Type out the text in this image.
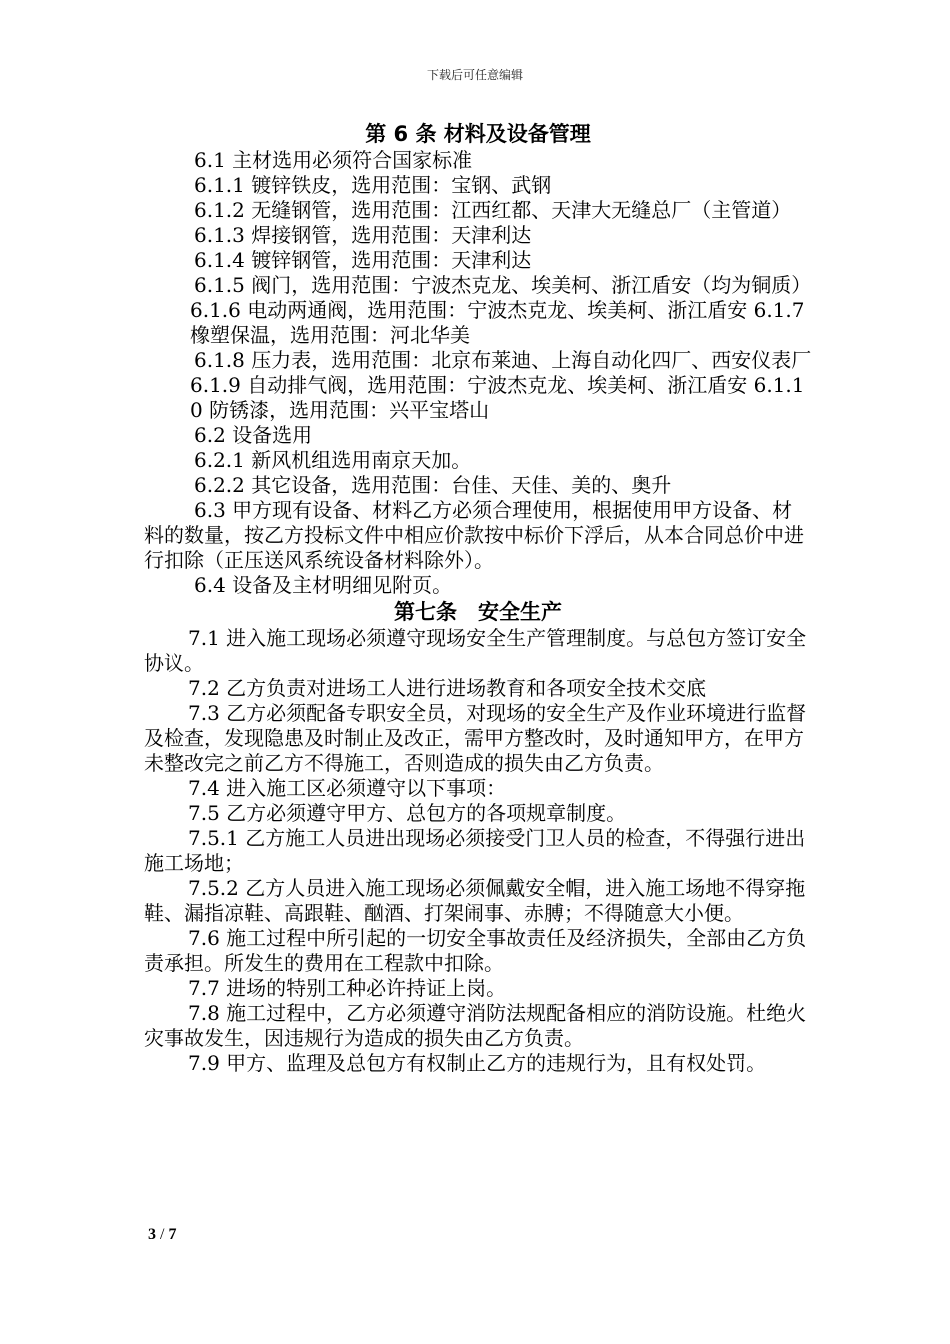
下载后可任意编辑
第 6 条 材料及设备管理
6.1 主材选用必须符合国家标准
6.1.1 镀锌铁皮，选用范围：宝钢、武钢
6.1.2 无缝钢管，选用范围：江西红都、天津大无缝总厂（主管道）
6.1.3 焊接钢管，选用范围：天津利达
6.1.4 镀锌钢管，选用范围：天津利达
6.1.5 阀门，选用范围：宁波杰克龙、埃美柯、浙江盾安（均为铜质）
6.1.6 电动两通阀，选用范围：宁波杰克龙、埃美柯、浙江盾安 6.1.7 橡塑保温，选用范围：河北华美
6.1.8 压力表，选用范围：北京布莱迪、上海自动化四厂、西安仪表厂
6.1.9 自动排气阀，选用范围：宁波杰克龙、埃美柯、浙江盾安 6.1.10 防锈漆，选用范围：兴平宝塔山
6.2 设备选用
6.2.1 新风机组选用南京天加。
6.2.2 其它设备，选用范围：台佳、天佳、美的、奥升
6.3 甲方现有设备、材料乙方必须合理使用，根据使用甲方设备、材料的数量，按乙方投标文件中相应价款按中标价下浮后，从本合同总价中进行扣除（正压送风系统设备材料除外）。
6.4 设备及主材明细见附页。
第七条　安全生产
7.1 进入施工现场必须遵守现场安全生产管理制度。与总包方签订安全协议。
7.2 乙方负责对进场工人进行进场教育和各项安全技术交底
7.3 乙方必须配备专职安全员，对现场的安全生产及作业环境进行监督及检查，发现隐患及时制止及改正，需甲方整改时，及时通知甲方，在甲方未整改完之前乙方不得施工，否则造成的损失由乙方负责。
7.4 进入施工区必须遵守以下事项：
7.5 乙方必须遵守甲方、总包方的各项规章制度。
7.5.1 乙方施工人员进出现场必须接受门卫人员的检查，不得强行进出施工场地；
7.5.2 乙方人员进入施工现场必须佩戴安全帽，进入施工场地不得穿拖鞋、漏指凉鞋、高跟鞋、酗酒、打架闹事、赤膊；不得随意大小便。
7.6 施工过程中所引起的一切安全事故责任及经济损失，全部由乙方负责承担。所发生的费用在工程款中扣除。
7.7 进场的特别工种必许持证上岗。
7.8 施工过程中，乙方必须遵守消防法规配备相应的消防设施。杜绝火灾事故发生，因违规行为造成的损失由乙方负责。
7.9 甲方、监理及总包方有权制止乙方的违规行为，且有权处罚。
3 / 7
